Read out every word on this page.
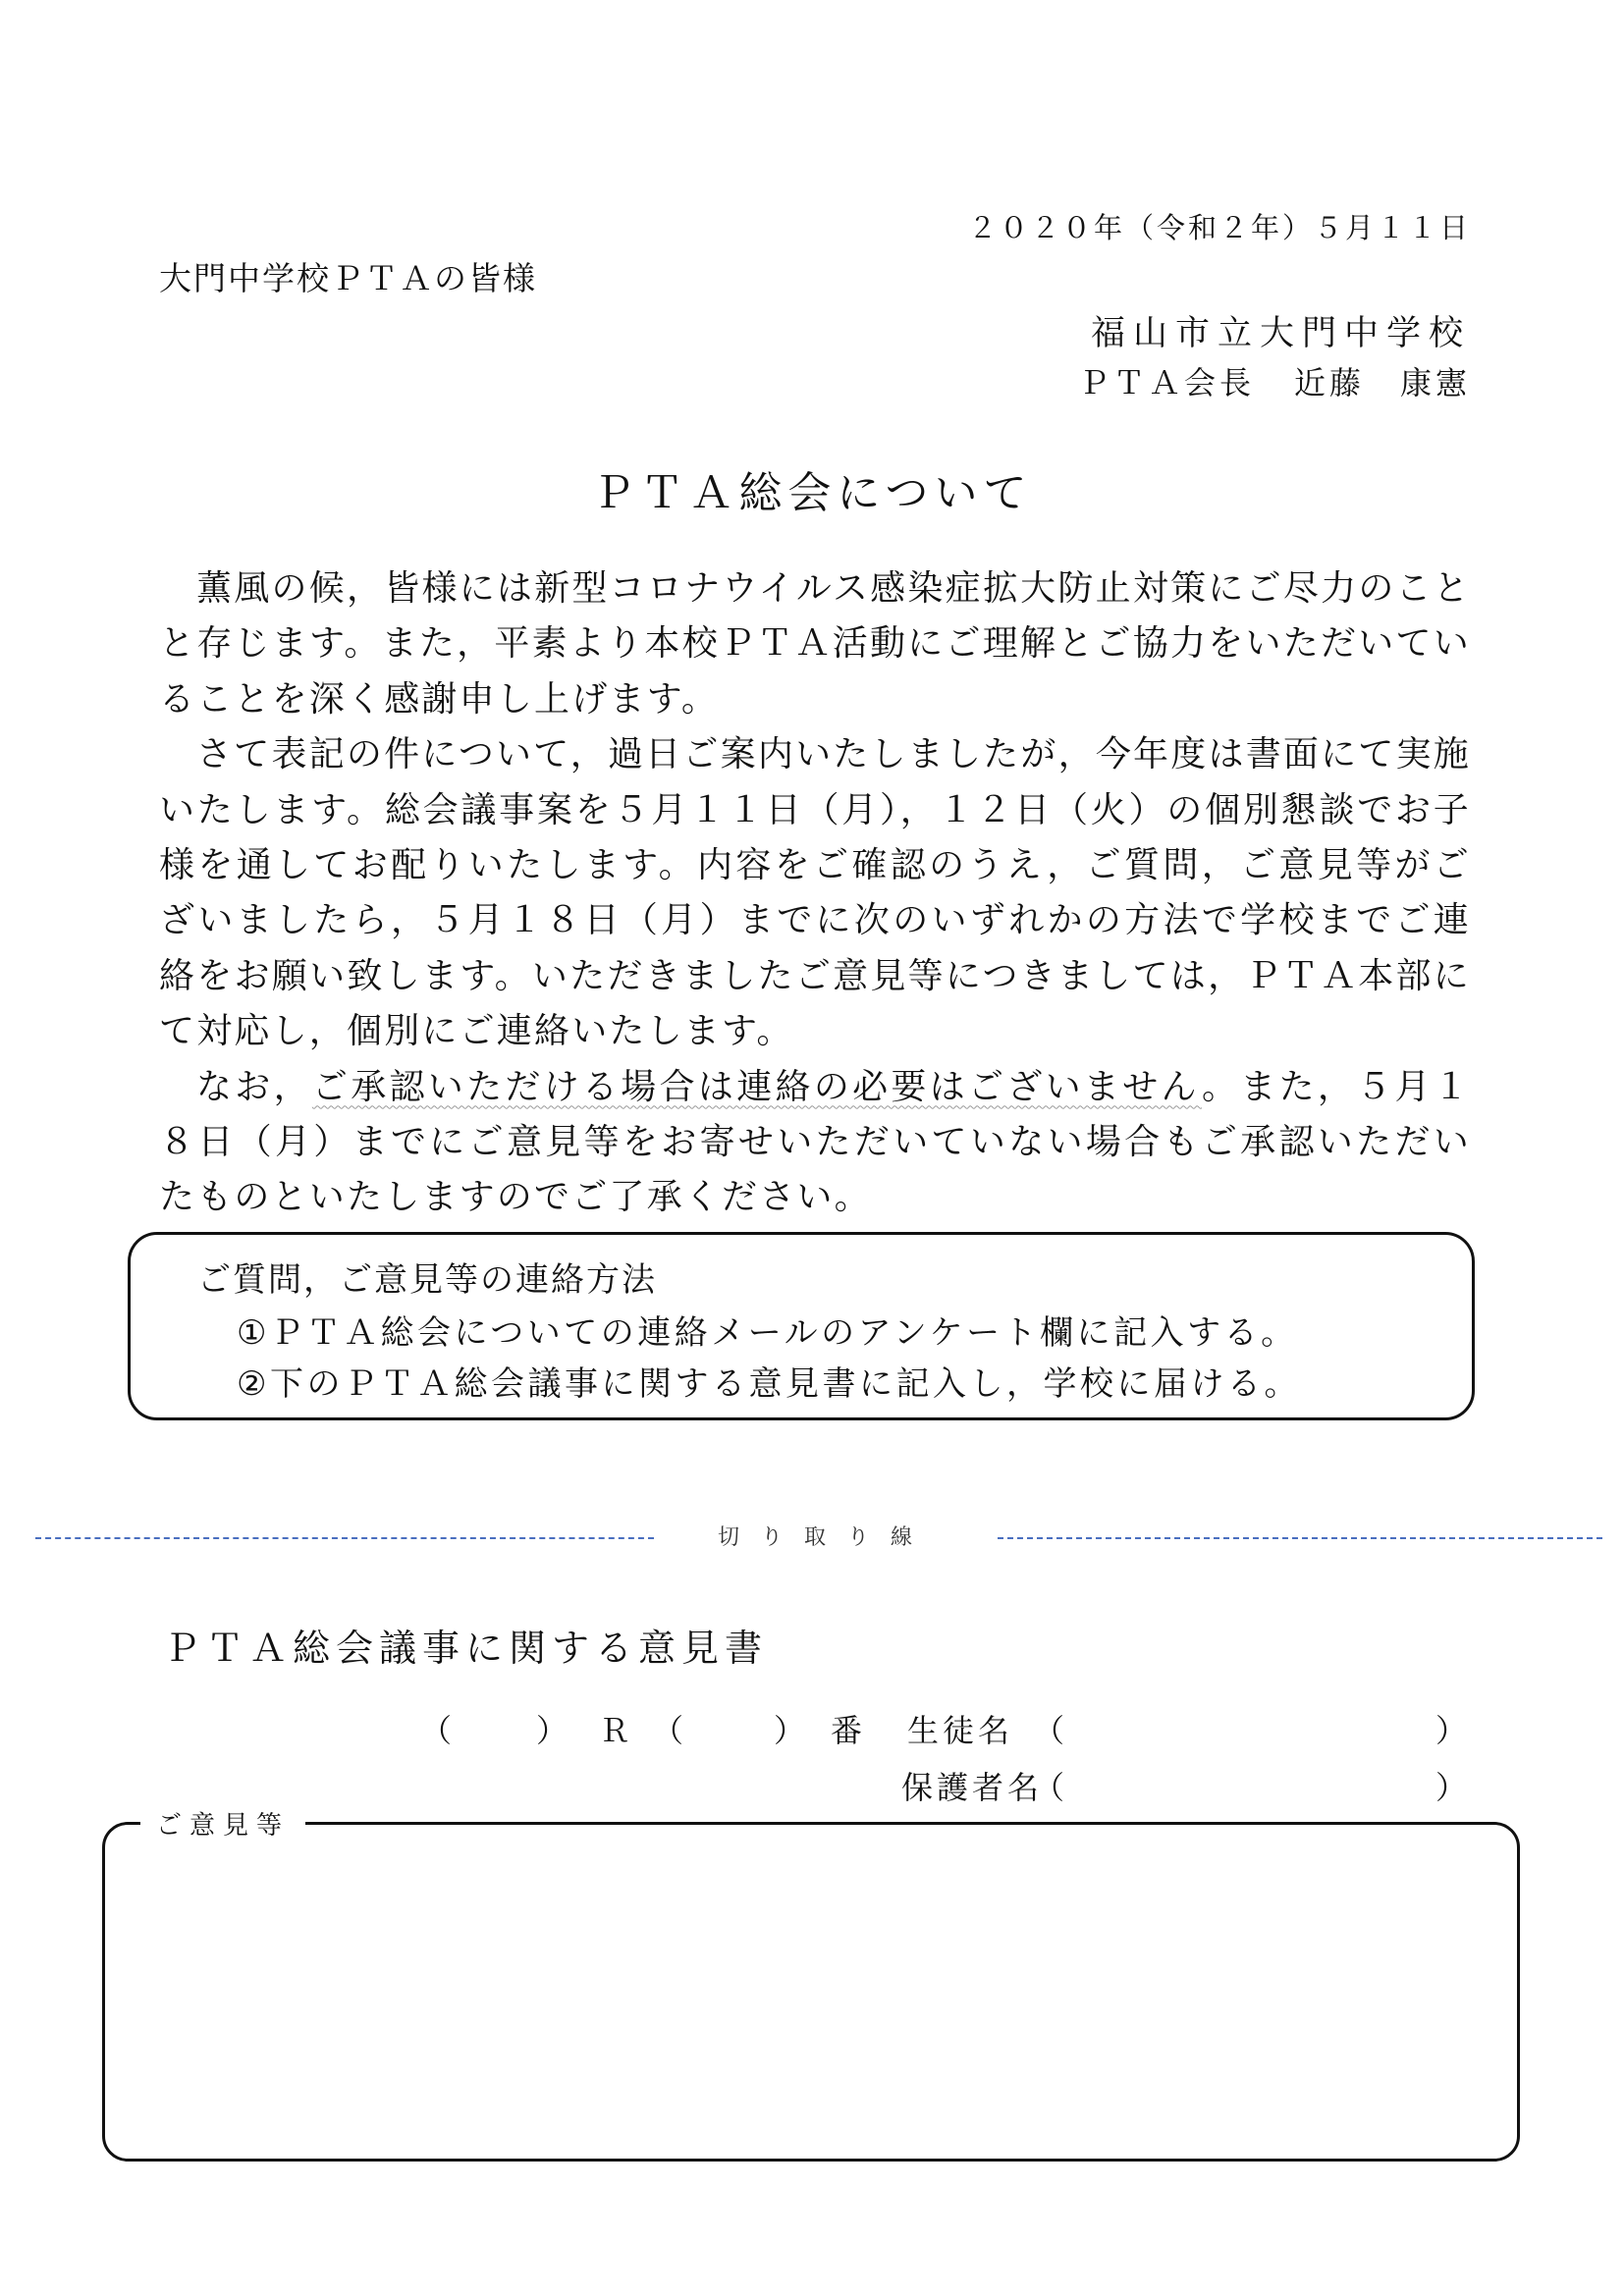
２０２０年（令和２年）５月１１日
大門中学校ＰＴＡの皆様
福山市立大門中学校
ＰＴＡ会長 近藤　康憲
ＰＴＡ総会について

薫風の候，皆様には新型コロナウイルス感染症拡大防止対策にご尽力のことと存じます。また，平素より本校ＰＴＡ活動にご理解とご協力をいただいていることを深く感謝申し上げます。

さて表記の件について，過日ご案内いたしましたが，今年度は書面にて実施いたします。総会議事案を５月１１日（月），１２日（火）の個別懇談でお子様を通してお配りいたします。内容をご確認のうえ，ご質問，ご意見等がございましたら，５月１８日（月）までに次のいずれかの方法で学校までご連絡をお願い致します。いただきましたご意見等につきましては，ＰＴＡ本部にて対応し，個別にご連絡いたします。

なお，ご承認いただける場合は連絡の必要はございません。また，５月１８日（月）までにご意見等をお寄せいただいていない場合もご承認いただいたものといたしますのでご了承ください。

ご質問，ご意見等の連絡方法
①ＰＴＡ総会についての連絡メールのアンケート欄に記入する。
②下のＰＴＡ総会議事に関する意見書に記入し，学校に届ける。
切り取り線
ＰＴＡ総会議事に関する意見書
（	） Ｒ （	） 番 生徒名 （	）
保護者名
（	）
ご意見等
